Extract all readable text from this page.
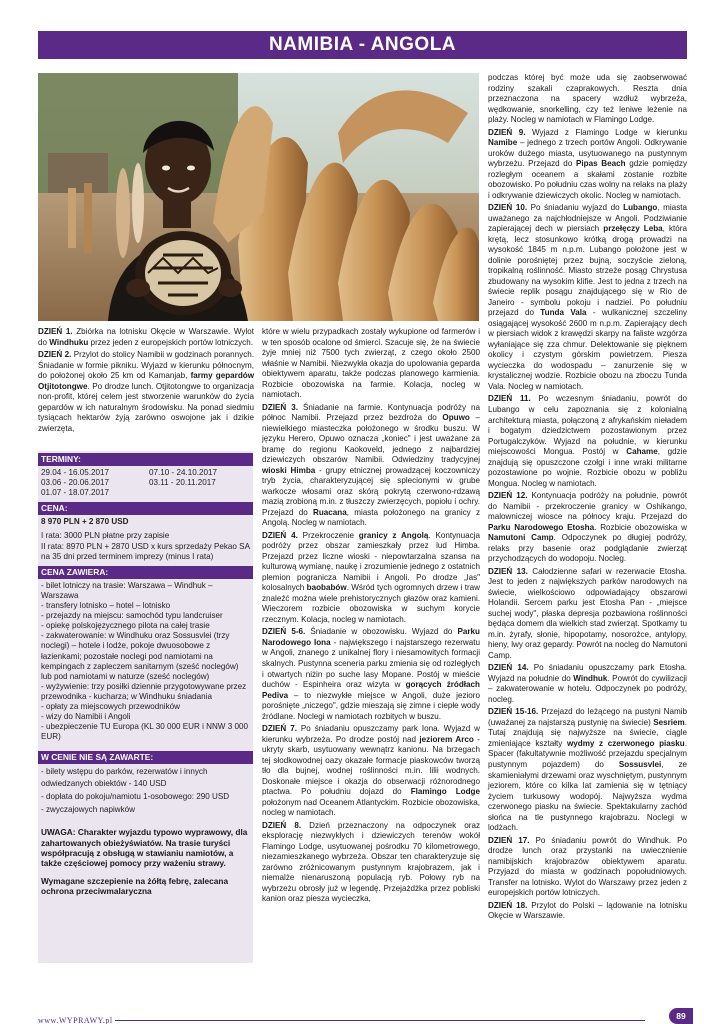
NAMIBIA - ANGOLA

DZIEŃ 1. Zbiórka na lotnisku Okęcie w Warszawie. Wylot do Windhuku przez jeden z europejskich portów lotniczych.

DZIEŃ 2. Przylot do stolicy Namibii w godzinach porannych. Śniadanie w formie pikniku. Wyjazd w kierunku północnym, do położonej około 25 km od Kamanjab, farmy gepardów Otjitotongwe. Po drodze lunch. Otjitotongwe to organizacja non-profit, której celem jest stworzenie warunków do życia gepardów w ich naturalnym środowisku. Na ponad siedmiu tysiącach hektarów żyją zarówno oswojone jak i dzikie zwierzęta,

TERMINY:
29.04 - 16.05.2017	07.10 - 24.10.2017
03.06 - 20.06.2017	03.11 - 20.11.2017
01.07 - 18.07.2017
CENA:
8 970 PLN + 2 870 USD
I rata: 3000 PLN płatne przy zapisie
II rata: 8970 PLN + 2870 USD x kurs sprzedaży Pekao SA na 35 dni przed terminem imprezy (minus I rata)
CENA ZAWIERA:
- bilet lotniczy na trasie: Warszawa – Windhuk – Warszawa
- transfery lotnisko – hotel – lotnisko
- przejazdy na miejscu: samochód typu landcruiser
- opiekę polskojęzycznego pilota na całej trasie
- zakwaterowanie: w Windhuku oraz Sossusvlei (trzy noclegi) – hotele i lodże, pokoje dwuosobowe z łazienkami; pozostałe noclegi pod namiotami na kempingach z zapleczem sanitarnym (sześć noclegów) lub pod namiotami w naturze (sześć noclegów)
- wyżywienie: trzy posiłki dziennie przygotowywane przez przewodnika - kucharza; w Windhuku śniadania
- opłaty za miejscowych przewodników
- wizy do Namibii i Angoli
- ubezpieczenie TU Europa (KL 30 000 EUR i NNW 3 000 EUR)
W CENIE NIE SĄ ZAWARTE:
- bilety wstępu do parków, rezerwatów i innych
odwiedzanych obiektów - 140 USD
- dopłata do pokoju/namiotu 1-osobowego: 290 USD
- zwyczajowych napiwków
UWAGA: Charakter wyjazdu typowo wyprawowy, dla zahartowanych obieżyświatów. Na trasie turyści współpracują z obsługą w stawianiu namiotów, a także częściowej pomocy przy ważeniu strawy.
Wymagane szczepienie na żółtą febrę, zalecana ochrona przeciwmalaryczna

które w wielu przypadkach zostały wykupione od farmerów i w ten sposób ocalone od śmierci. Szacuje się, że na świecie żyje mniej niż 7500 tych zwierząt, z czego około 2500 właśnie w Namibii. Niezwykła okazja do upolowania geparda obiektywem aparatu, także podczas planowego karmienia. Rozbicie obozowiska na farmie. Kolacja, nocleg w namiotach.

DZIEŃ 3. Śniadanie na farmie. Kontynuacja podróży na północ Namibii. Przejazd przez bezdroża do Opuwo – niewielkiego miasteczka położonego w środku buszu. W języku Herero, Opuwo oznacza „koniec" i jest uważane za bramę do regionu Kaokoveld, jednego z najbardziej dziewiczych obszarów Namibii. Odwiedziny tradycyjnej wioski Himba - grupy etnicznej prowadzącej koczowniczy tryb życia, charakteryzującej się splecionymi w grube warkocze włosami oraz skórą pokrytą czerwono-rdzawą mazią zrobioną m.in. z tłuszczy zwierzęcych, popiołu i ochry. Przejazd do Ruacana, miasta położonego na granicy z Angolą. Nocleg w namiotach.

DZIEŃ 4. Przekroczenie granicy z Angolą. Kontynuacja podróży przez obszar zamieszkały przez lud Himba. Przejazd przez liczne wioski - niepowtarzalna szansa na kulturową wymianę, naukę i zrozumienie jednego z ostatnich plemion pogranicza Namibii i Angoli. Po drodze „las" kolosalnych baobabów. Wśród tych ogromnych drzew i traw znaleźć można wiele prehistorycznych głazów oraz kamieni. Wieczorem rozbicie obozowiska w suchym korycie rzecznym. Kolacja, nocleg w namiotach.

DZIEŃ 5-6. Śniadanie w obozowisku. Wyjazd do Parku Narodowego Iona - największego i najstarszego rezerwatu w Angoli, znanego z unikalnej flory i niesamowitych formacji skalnych. Pustynna sceneria parku zmienia się od rozległych i otwartych niżin po suche lasy Mopane. Postój w mieście duchów - Espinheira oraz wizyta w gorących źródłach Pediva – to niezwykłe miejsce w Angoli, duże jezioro porośnięte „niczego", gdzie mieszają się zimne i ciepłe wody źródlane. Noclegi w namiotach rozbitych w buszu.

DZIEŃ 7. Po śniadaniu opuszczamy park Iona. Wyjazd w kierunku wybrzeża. Po drodze postój nad jeziorem Arco - ukryty skarb, usytuowany wewnątrz kanionu. Na brzegach tej słodkowodnej oazy okazałe formacje piaskowców tworzą tło dla bujnej, wodnej roślinności m.in. lilii wodnych. Doskonałe miejsce i okazja do obserwacji różnorodnego ptactwa. Po południu dojazd do Flamingo Lodge położonym nad Oceanem Atlantyckim. Rozbicie obozowiska, nocleg w namiotach.

DZIEŃ 8. Dzień przeznaczony na odpoczynek oraz eksplorację niezwykłych i dziewiczych terenów wokół Flamingo Lodge, usytuowanej pośrodku 70 kilometrowego, niezamieszkanego wybrzeża. Obszar ten charakteryzuje się zarówno zróżnicowanym pustynnym krajobrazem, jak i niemalże nienaruszoną populacją ryb. Połowy ryb na wybrzeżu obrosły już w legendę. Przejażdżka przez pobliski kanion oraz piesza wycieczka,

podczas której być może uda się zaobserwować rodziny szakali czaprakowych. Reszta dnia przeznaczona na spacery wzdłuż wybrzeża, wędkowanie, snorkelling, czy też leniwe leżenie na plaży. Nocleg w namiotach w Flamingo Lodge.

DZIEŃ 9. Wyjazd z Flamingo Lodge w kierunku Namibe – jednego z trzech portów Angoli. Odkrywanie uroków dużego miasta, usytuowanego na pustynnym wybrzeżu. Przejazd do Pipas Beach gdzie pomiędzy rozległym oceanem a skałami zostanie rozbite obozowisko. Po południu czas wolny na relaks na plaży i odkrywanie dziewiczych okolic. Nocleg w namiotach.

DZIEŃ 10. Po śniadaniu wyjazd do Lubango, miasta uważanego za najchłodniejsze w Angoli. Podziwianie zapierającej dech w piersiach przełęczy Leba, która krętą, lecz stosunkowo krótką drogą prowadzi na wysokość 1845 m n.p.m. Lubango położone jest w dolinie porośniętej przez bujną, soczyście zieloną, tropikalną roślinność. Miasto strzeże posąg Chrystusa zbudowany na wysokim klifie. Jest to jedna z trzech na świecie replik posągu znajdującego się w Rio de Janeiro - symbolu pokoju i nadziei. Po południu przejazd do Tunda Vala - wulkanicznej szczeliny osiągającej wysokość 2600 m n.p.m. Zapierający dech w piersiach widok z krawędzi skarpy na faliste wzgórza wyłaniające się zza chmur. Delektowanie się pięknem okolicy i czystym górskim powietrzem. Piesza wycieczka do wodospadu – zanurzenie się w krystalicznej wodzie. Rozbicie obozu na zboczu Tunda Vala. Nocleg w namiotach.

DZIEŃ 11. Po wczesnym śniadaniu, powrót do Lubango w celu zapoznania się z kolonialną architekturą miasta, połączoną z afrykańskim nieładem i bogatym dziedzictwem pozostawionym przez Portugalczyków. Wyjazd na południe, w kierunku miejscowości Mongua. Postój w Cahame, gdzie znajdują się opuszczone czołgi i inne wraki militarne pozostawione po wojnie. Rozbicie obozu w pobliżu Mongua. Nocleg w namiotach.

DZIEŃ 12. Kontynuacja podróży na południe, powrót do Namibii - przekroczenie granicy w Oshikango, malowniczej wiosce na północy kraju. Przejazd do Parku Narodowego Etosha. Rozbicie obozowiska w Namutoni Camp. Odpoczynek po długiej podróży, relaks przy basenie oraz podglądanie zwierząt przychodzących do wodopoju. Nocleg.

DZIEŃ 13. Całodzienne safari w rezerwacie Etosha. Jest to jeden z największych parków narodowych na świecie, wielkościowo odpowiadający obszarowi Holandii. Sercem parku jest Etosha Pan - „miejsce suchej wody", płaska depresja pozbawiona roślinności będąca domem dla wielkich stad zwierząt. Spotkamy tu m.in. żyrafy, słonie, hipopotamy, nosorożce, antylopy, hieny, lwy oraz gepardy. Powrót na nocleg do Namutoni Camp.

DZIEŃ 14. Po śniadaniu opuszczamy park Etosha. Wyjazd na południe do Windhuk. Powrót do cywilizacji – zakwaterowanie w hotelu. Odpoczynek po podróży, nocleg.

DZIEŃ 15-16. Przejazd do leżącego na pustyni Namib (uważanej za najstarszą pustynię na świecie) Sesriem. Tutaj znajdują się najwyższe na świecie, ciągle zmieniające kształty wydmy z czerwonego piasku. Spacer (fakultatywnie możliwość przejazdu specjalnym pustynnym pojazdem) do Sossusvlei, ze skamieniałymi drzewami oraz wyschniętym, pustynnym jeziorem, które co kilka lat zamienia się w tętniący życiem turkusowy wodopój. Najwyższa wydma czerwonego piasku na świecie. Spektakularny zachód słońca na tle pustynnego krajobrazu. Noclegi w lodżach.

DZIEŃ 17. Po śniadaniu powrót do Windhuk. Po drodze lunch oraz przystanki na uwiecznienie namibijskich krajobrazów obiektywem aparatu. Przyjazd do miasta w godzinach popołudniowych. Transfer na lotnisko. Wylot do Warszawy przez jeden z europejskich portów lotniczych.

DZIEŃ 18. Przylot do Polski – lądowanie na lotnisku Okęcie w Warszawie.

www.WYPRAWY.pl	89
